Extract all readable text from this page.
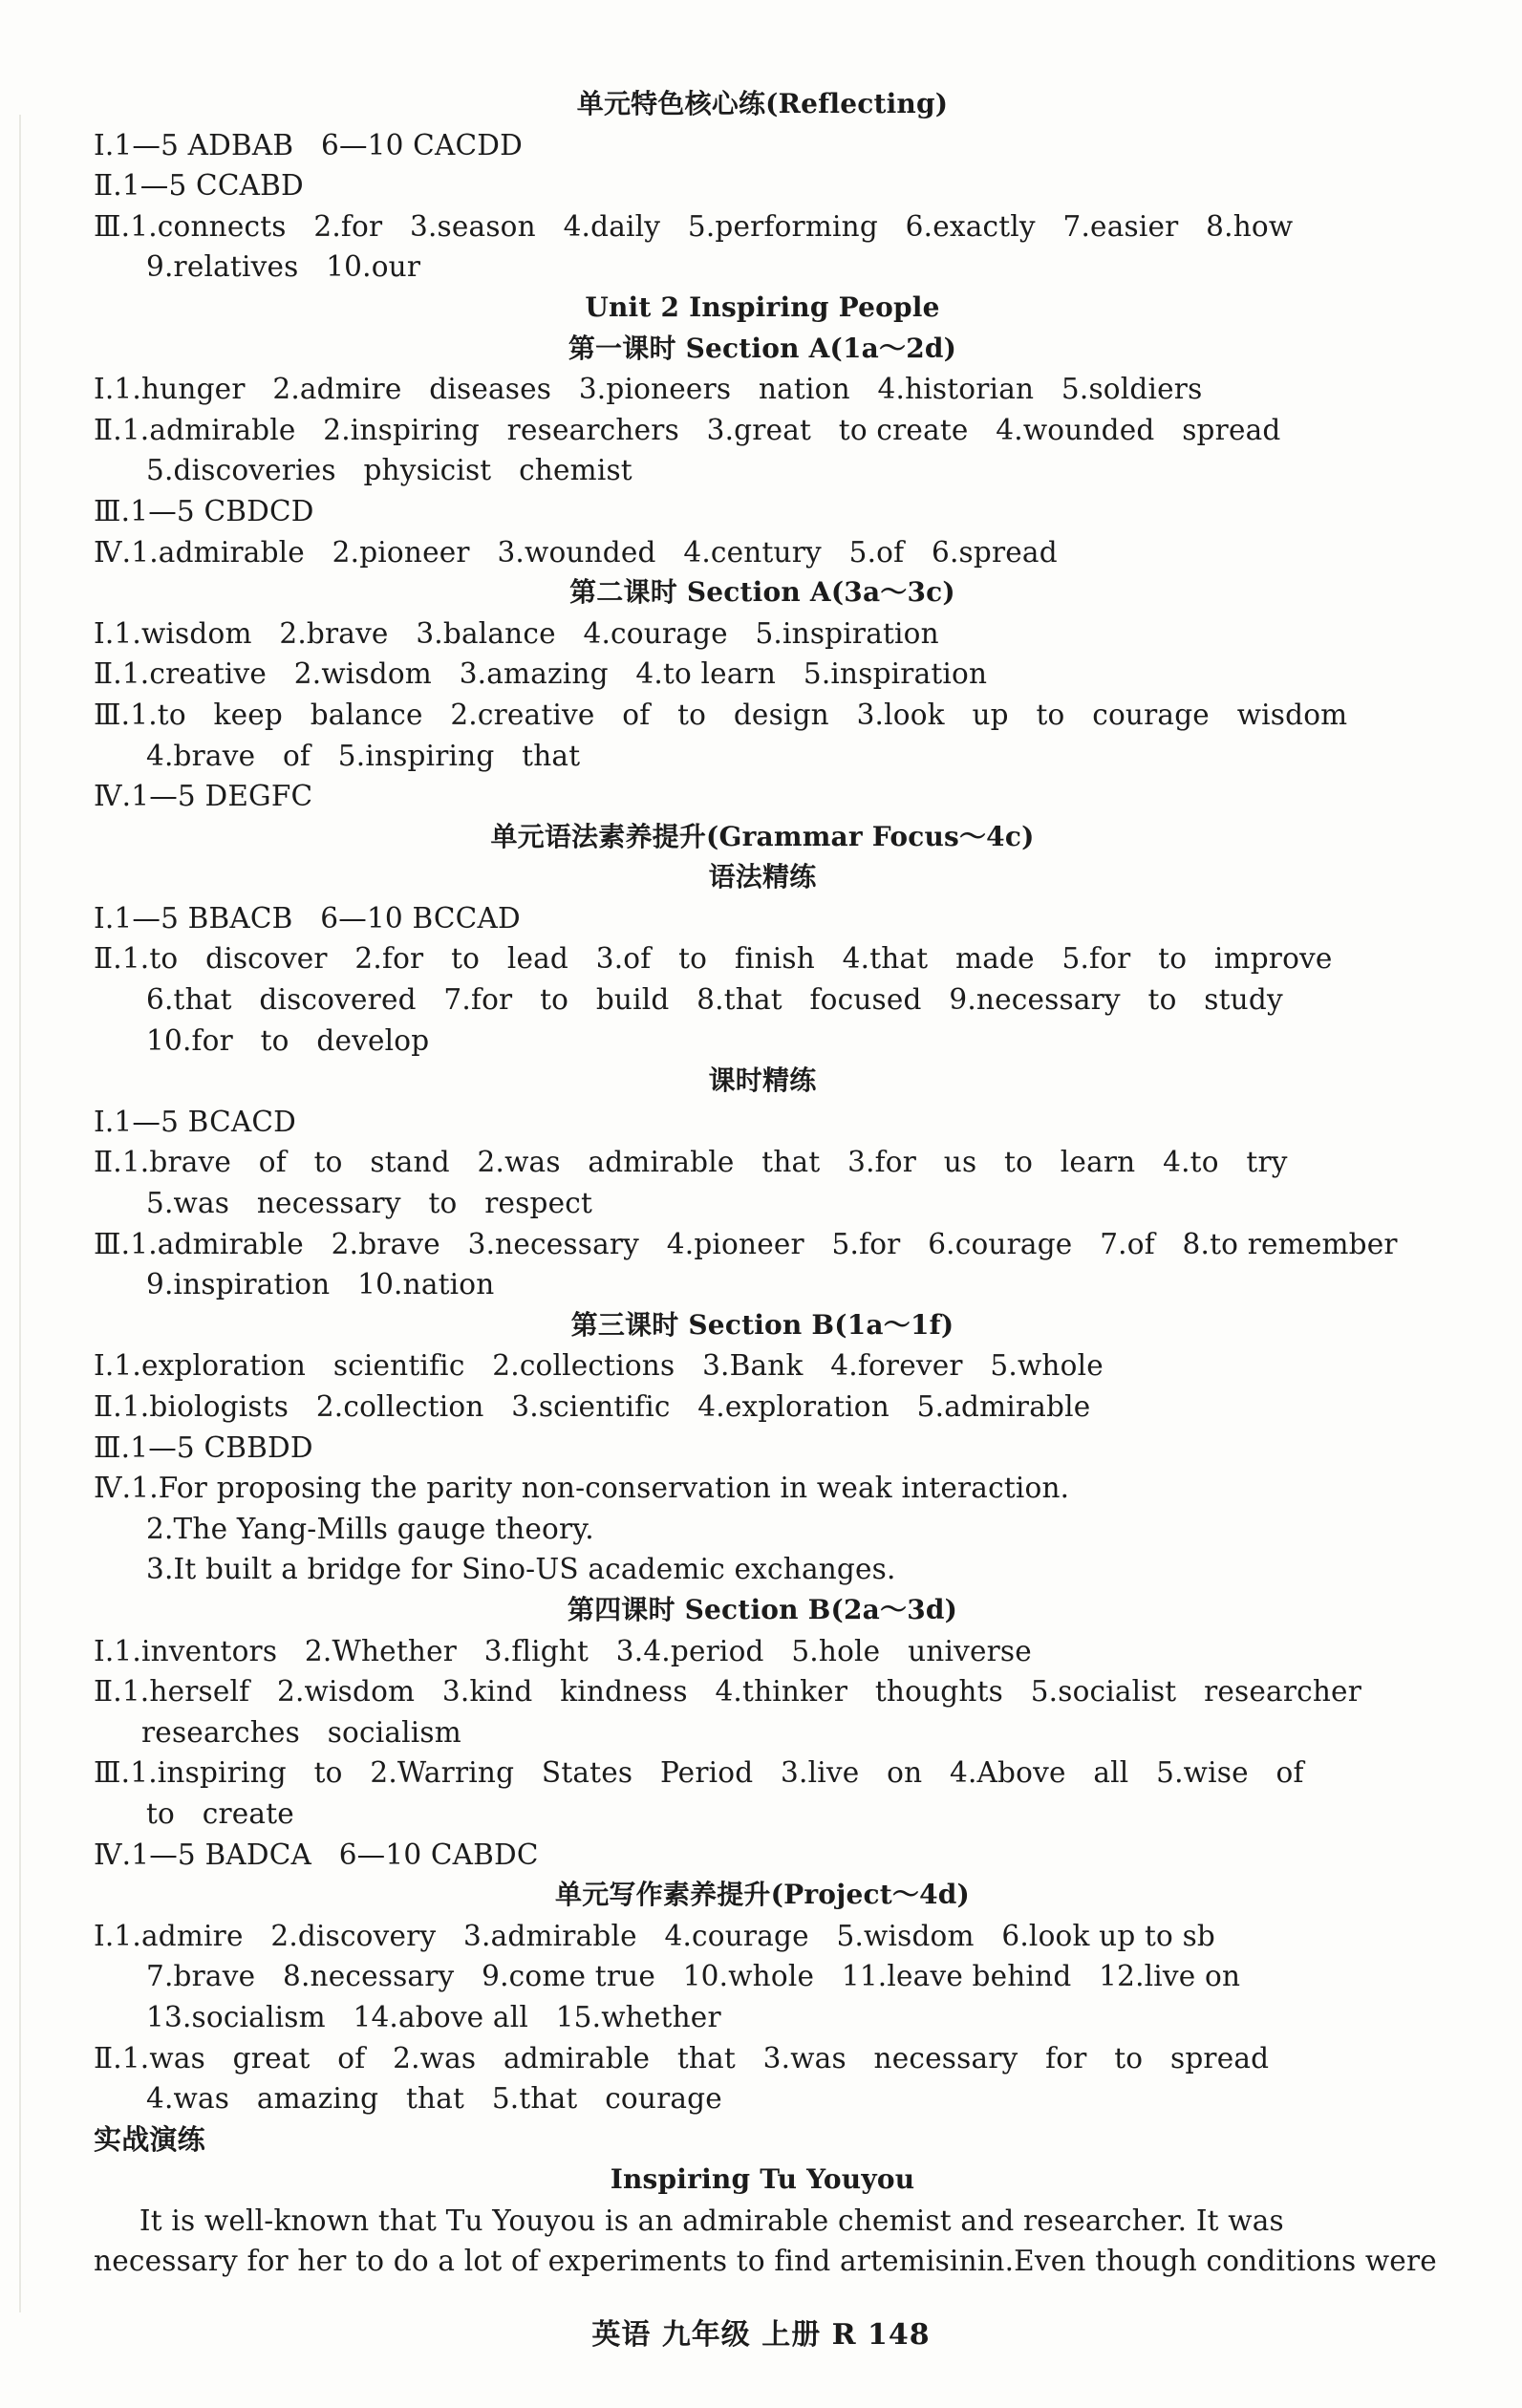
单元特色核心练(Reflecting)
Ⅰ.1—5 ADBAB   6—10 CACDD
Ⅱ.1—5 CCABD
Ⅲ.1.connects   2.for   3.season   4.daily   5.performing   6.exactly   7.easier   8.how
9.relatives   10.our
Unit 2 Inspiring People
第一课时 Section A(1a～2d)
Ⅰ.1.hunger   2.admire   diseases   3.pioneers   nation   4.historian   5.soldiers
Ⅱ.1.admirable   2.inspiring   researchers   3.great   to create   4.wounded   spread
5.discoveries   physicist   chemist
Ⅲ.1—5 CBDCD
Ⅳ.1.admirable   2.pioneer   3.wounded   4.century   5.of   6.spread
第二课时 Section A(3a～3c)
Ⅰ.1.wisdom   2.brave   3.balance   4.courage   5.inspiration
Ⅱ.1.creative   2.wisdom   3.amazing   4.to learn   5.inspiration
Ⅲ.1.to   keep   balance   2.creative   of   to   design   3.look   up   to   courage   wisdom
4.brave   of   5.inspiring   that
Ⅳ.1—5 DEGFC
单元语法素养提升(Grammar Focus～4c)
语法精练
Ⅰ.1—5 BBACB   6—10 BCCAD
Ⅱ.1.to   discover   2.for   to   lead   3.of   to   finish   4.that   made   5.for   to   improve
6.that   discovered   7.for   to   build   8.that   focused   9.necessary   to   study
10.for   to   develop
课时精练
Ⅰ.1—5 BCACD
Ⅱ.1.brave   of   to   stand   2.was   admirable   that   3.for   us   to   learn   4.to   try
5.was   necessary   to   respect
Ⅲ.1.admirable   2.brave   3.necessary   4.pioneer   5.for   6.courage   7.of   8.to remember
9.inspiration   10.nation
第三课时 Section B(1a～1f)
Ⅰ.1.exploration   scientific   2.collections   3.Bank   4.forever   5.whole
Ⅱ.1.biologists   2.collection   3.scientific   4.exploration   5.admirable
Ⅲ.1—5 CBBDD
Ⅳ.1.For proposing the parity non-conservation in weak interaction.
2.The Yang-Mills gauge theory.
3.It built a bridge for Sino-US academic exchanges.
第四课时 Section B(2a～3d)
Ⅰ.1.inventors   2.Whether   3.flight   3.4.period   5.hole   universe
Ⅱ.1.herself   2.wisdom   3.kind   kindness   4.thinker   thoughts   5.socialist   researcher
researches   socialism
Ⅲ.1.inspiring   to   2.Warring   States   Period   3.live   on   4.Above   all   5.wise   of
to   create
Ⅳ.1—5 BADCA   6—10 CABDC
单元写作素养提升(Project～4d)
Ⅰ.1.admire   2.discovery   3.admirable   4.courage   5.wisdom   6.look up to sb
7.brave   8.necessary   9.come true   10.whole   11.leave behind   12.live on
13.socialism   14.above all   15.whether
Ⅱ.1.was   great   of   2.was   admirable   that   3.was   necessary   for   to   spread
4.was   amazing   that   5.that   courage
实战演练
Inspiring Tu Youyou
It is well-known that Tu Youyou is an admirable chemist and researcher. It was
necessary for her to do a lot of experiments to find artemisinin.Even though conditions were
英语 九年级 上册 R 148
